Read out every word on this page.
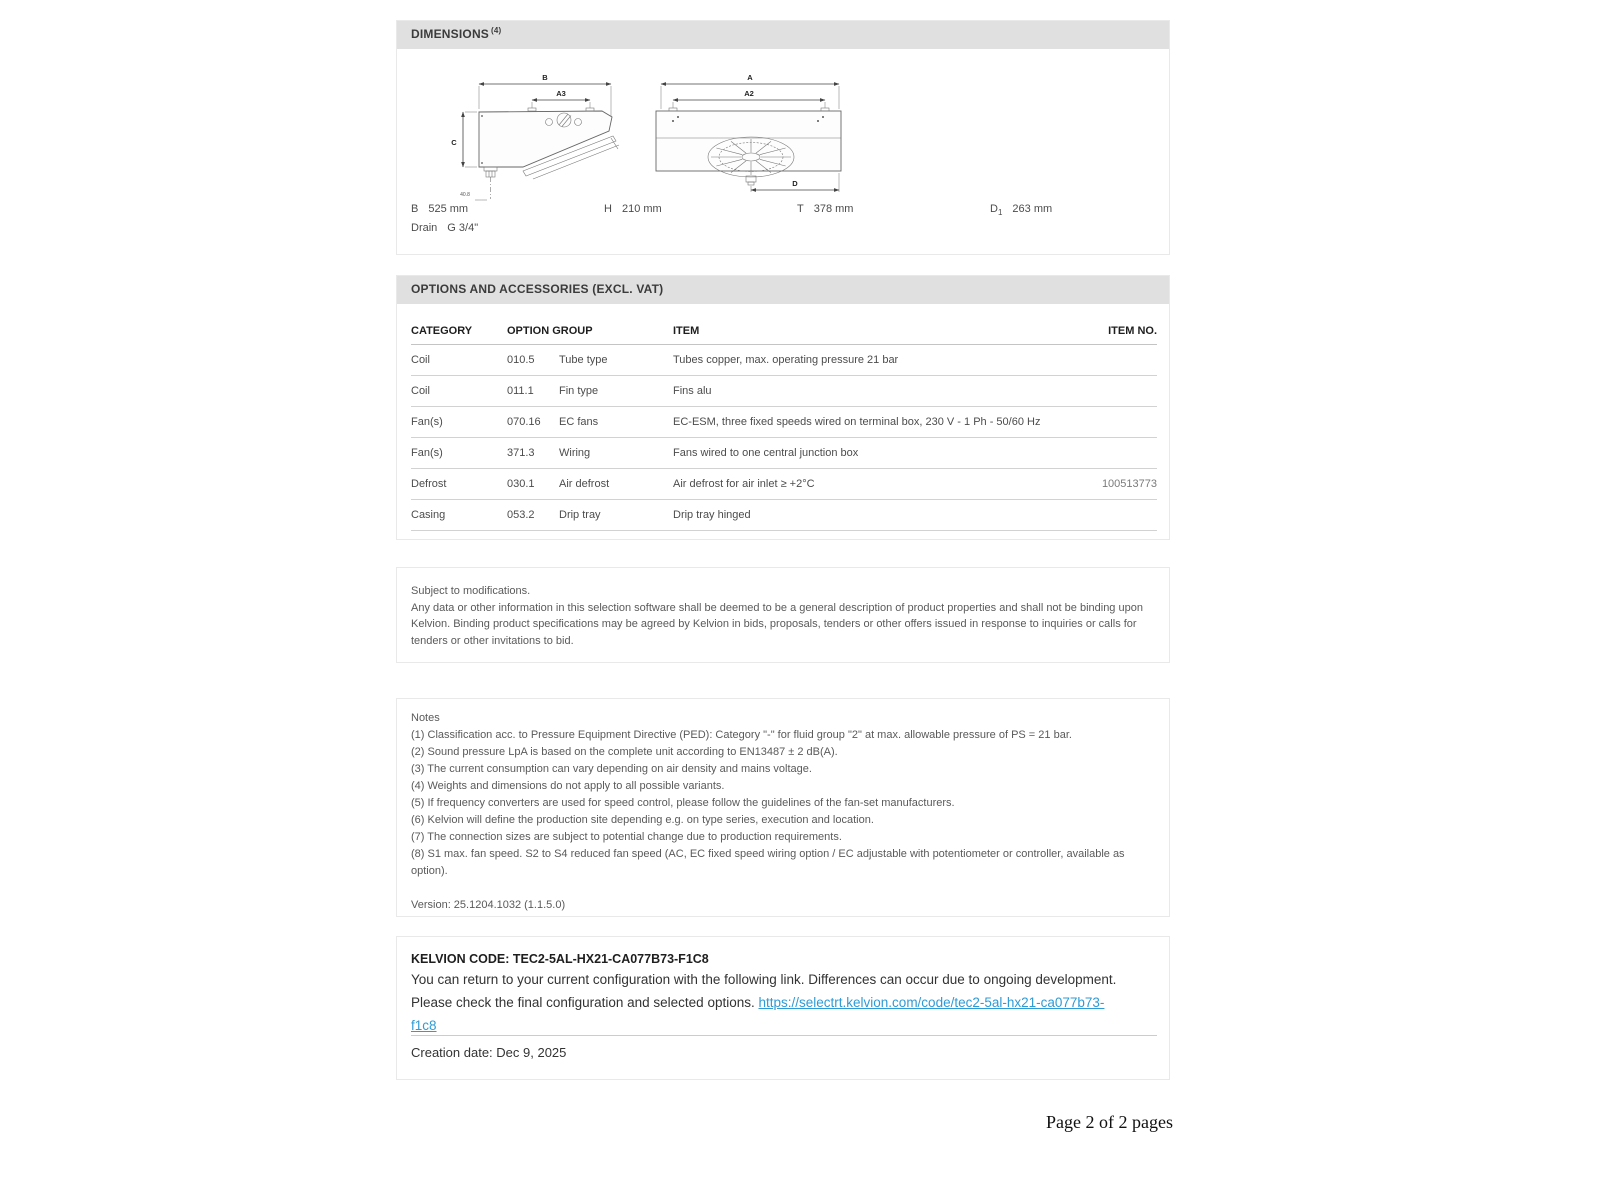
DIMENSIONS $^{(4)}$
B
A3
C
40.8
A
A2
D
B 525 mm	H 210 mm	T 378 mm	$D_1$ 263 mm
Drain G 3/4"
OPTIONS AND ACCESSORIES (EXCL. VAT)
CATEGORY	OPTION GROUP	ITEM	ITEM NO.
Coil	010.5	Tube type	Tubes copper, max. operating pressure 21 bar
Coil	011.1	Fin type	Fins alu
Fan(s)	070.16	EC fans	EC-ESM, three fixed speeds wired on terminal box, 230 V - 1 Ph - 50/60 Hz
Fan(s)	371.3	Wiring	Fans wired to one central junction box
Defrost	030.1	Air defrost	Air defrost for air inlet ≥ +2°C	100513773
Casing	053.2	Drip tray	Drip tray hinged
Subject to modifications.
Any data or other information in this selection software shall be deemed to be a general description of product properties and shall not be binding upon Kelvion. Binding product specifications may be agreed by Kelvion in bids, proposals, tenders or other offers issued in response to inquiries or calls for tenders or other invitations to bid.
Notes
(1) Classification acc. to Pressure Equipment Directive (PED): Category "-" for fluid group "2" at max. allowable pressure of PS = 21 bar.
(2) Sound pressure LpA is based on the complete unit according to EN13487 ± 2 dB(A).
(3) The current consumption can vary depending on air density and mains voltage.
(4) Weights and dimensions do not apply to all possible variants.
(5) If frequency converters are used for speed control, please follow the guidelines of the fan-set manufacturers.
(6) Kelvion will define the production site depending e.g. on type series, execution and location.
(7) The connection sizes are subject to potential change due to production requirements.
(8) S1 max. fan speed. S2 to S4 reduced fan speed (AC, EC fixed speed wiring option / EC adjustable with potentiometer or controller, available as option).
Version: 25.1204.1032 (1.1.5.0)
KELVION CODE: TEC2-5AL-HX21-CA077B73-F1C8
You can return to your current configuration with the following link. Differences can occur due to ongoing development. Please check the final configuration and selected options. https://selectrt.kelvion.com/code/tec2-5al-hx21-ca077b73-f1c8
Creation date: Dec 9, 2025
Page 2 of 2 pages
